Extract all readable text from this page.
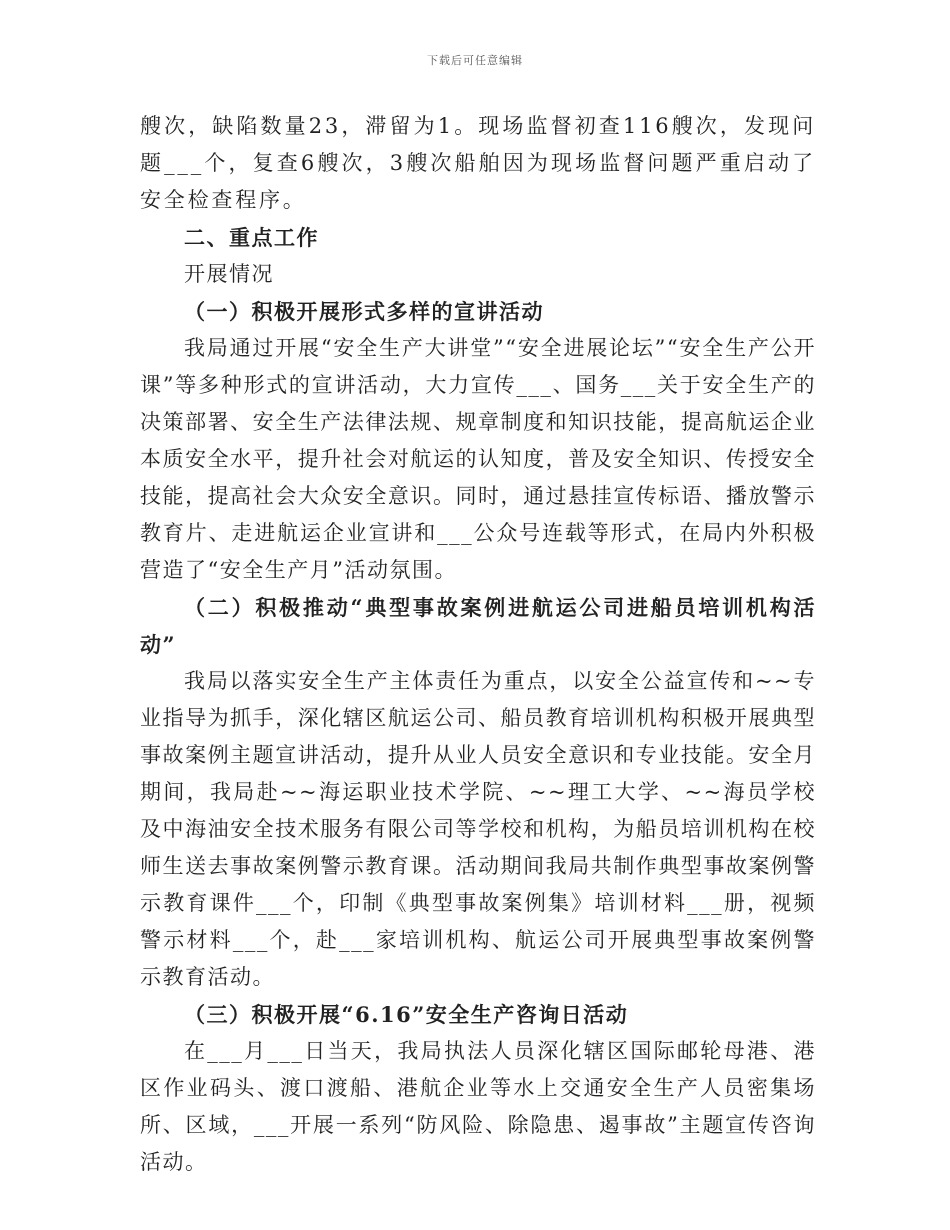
下载后可任意编辑

艘次，缺陷数量23，滞留为1。现场监督初查116艘次，发现问题___个，复查6艘次，3艘次船舶因为现场监督问题严重启动了安全检查程序。

二、重点工作

开展情况

（一）积极开展形式多样的宣讲活动

我局通过开展“安全生产大讲堂”“安全进展论坛”“安全生产公开课”等多种形式的宣讲活动，大力宣传___、国务___关于安全生产的决策部署、安全生产法律法规、规章制度和知识技能，提高航运企业本质安全水平，提升社会对航运的认知度，普及安全知识、传授安全技能，提高社会大众安全意识。同时，通过悬挂宣传标语、播放警示教育片、走进航运企业宣讲和___公众号连载等形式，在局内外积极营造了“安全生产月”活动氛围。

（二）积极推动“典型事故案例进航运公司进船员培训机构活动”

我局以落实安全生产主体责任为重点，以安全公益宣传和~~专业指导为抓手，深化辖区航运公司、船员教育培训机构积极开展典型事故案例主题宣讲活动，提升从业人员安全意识和专业技能。安全月期间，我局赴~~海运职业技术学院、~~理工大学、~~海员学校及中海油安全技术服务有限公司等学校和机构，为船员培训机构在校师生送去事故案例警示教育课。活动期间我局共制作典型事故案例警示教育课件___个，印制《典型事故案例集》培训材料___册，视频警示材料___个，赴___家培训机构、航运公司开展典型事故案例警示教育活动。

（三）积极开展“6.16”安全生产咨询日活动

在___月___日当天，我局执法人员深化辖区国际邮轮母港、港区作业码头、渡口渡船、港航企业等水上交通安全生产人员密集场所、区域，___开展一系列“防风险、除隐患、遏事故”主题宣传咨询活动。
